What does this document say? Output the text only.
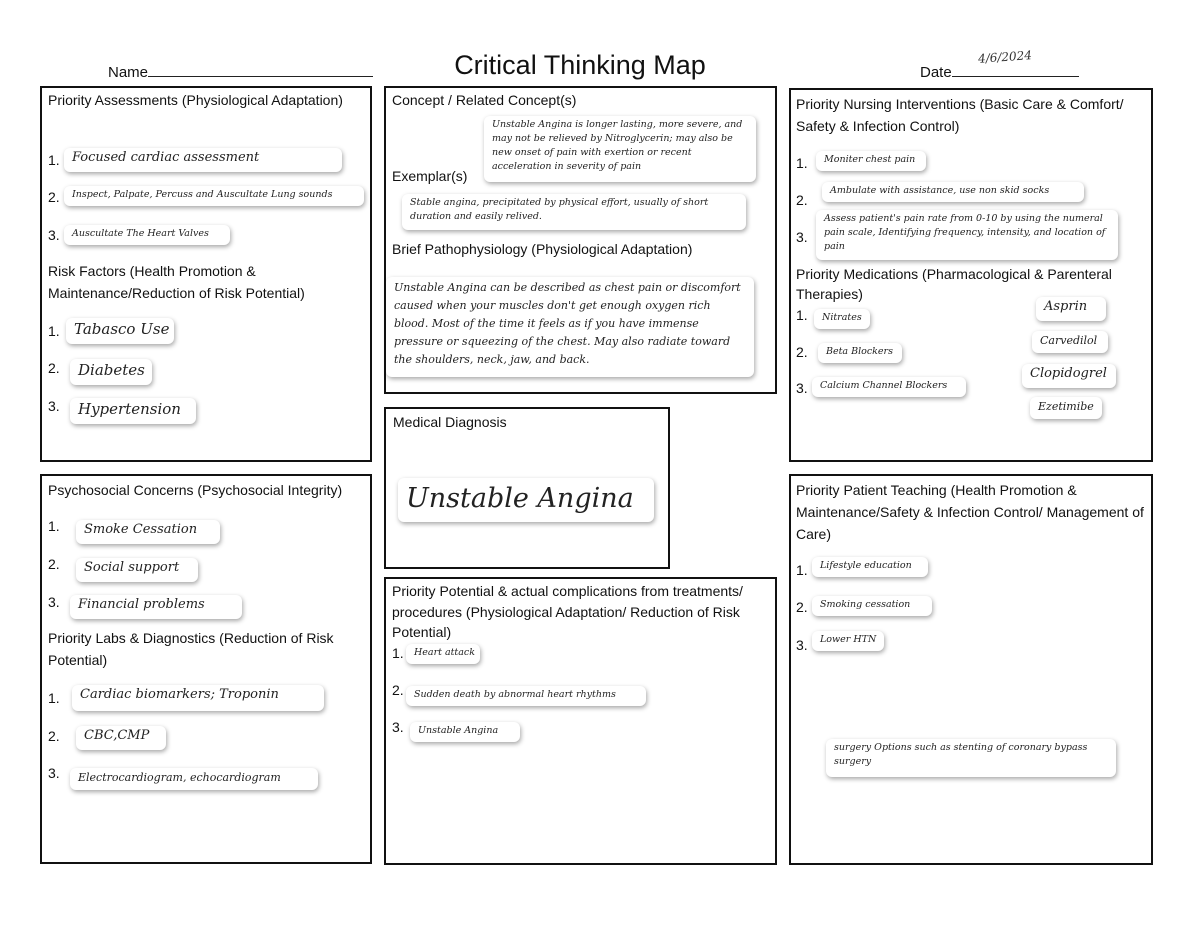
Name	Critical Thinking Map	Date
4/6/2024
Priority Assessments (Physiological Adaptation)
1. Focused cardiac assessment
2.	Inspect, Palpate, Percuss and Auscultate Lung sounds
3.	Auscultate The Heart Valves
Risk Factors (Health Promotion & Maintenance/Reduction of Risk Potential)
1. Tabasco Use
2.	Diabetes
3.	Hypertension
Concept / Related Concept(s)
Unstable Angina is longer lasting, more severe, and may not be relieved by Nitroglycerin; may also be new onset of pain with exertion or recent acceleration in severity of pain
Exemplar(s)
Stable angina, precipitated by physical effort, usually of short duration and easily relived.
Brief Pathophysiology (Physiological Adaptation)
Unstable Angina can be described as chest pain or discomfort caused when your muscles don't get enough oxygen rich blood. Most of the time it feels as if you have immense pressure or squeezing of the chest. May also radiate toward the shoulders, neck, jaw, and back.
Priority Nursing Interventions (Basic Care & Comfort/ Safety & Infection Control)
1.	Moniter chest pain
2.
Ambulate with assistance, use non skid socks
3.
Assess patient's pain rate from 0-10 by using the numeral pain scale, Identifying frequency, intensity, and location of pain
Priority Medications (Pharmacological & Parenteral Therapies)
1.	Nitrates
2.	Beta Blockers
3.	Calcium Channel Blockers
Asprin
Carvedilol
Clopidogrel
Ezetimibe
Medical Diagnosis
Unstable Angina
Psychosocial Concerns (Psychosocial Integrity)
1.	Smoke Cessation
2.	Social support
3.	Financial problems
Priority Labs & Diagnostics (Reduction of Risk Potential)
1.	Cardiac biomarkers; Troponin
2.	CBC,CMP
3.	Electrocardiogram, echocardiogram
Priority Potential & actual complications from treatments/ procedures (Physiological Adaptation/ Reduction of Risk Potential)
1.	Heart attack
2.	Sudden death by abnormal heart rhythms
3.	Unstable Angina
Priority Patient Teaching (Health Promotion & Maintenance/Safety & Infection Control/ Management of Care)
1.	Lifestyle education
2.	Smoking cessation
3.	Lower HTN
surgery Options such as stenting of coronary bypass surgery
